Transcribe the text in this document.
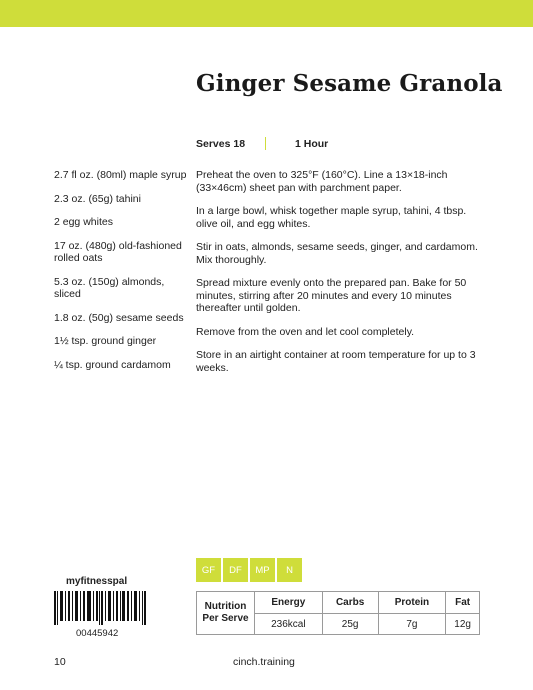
Ginger Sesame Granola
Serves 18	1 Hour
2.7 fl oz. (80ml) maple syrup
2.3 oz. (65g) tahini
2 egg whites
17 oz. (480g) old-fashioned rolled oats
5.3 oz. (150g) almonds, sliced
1.8 oz. (50g) sesame seeds
1½ tsp. ground ginger
¼ tsp. ground cardamom

Preheat the oven to 325°F (160°C). Line a 13×18-inch (33×46cm) sheet pan with parchment paper.

In a large bowl, whisk together maple syrup, tahini, 4 tbsp. olive oil, and egg whites.

Stir in oats, almonds, sesame seeds, ginger, and cardamom. Mix thoroughly.

Spread mixture evenly onto the prepared pan. Bake for 50 minutes, stirring after 20 minutes and every 10 minutes thereafter until golden.

Remove from the oven and let cool completely.

Store in an airtight container at room temperature for up to 3 weeks.

GF	DF	MP	N
Nutrition Per Serve	Energy	Carbs	Protein	Fat
	236kcal	25g	7g	12g
myfitnesspal
00445942
10	cinch.training
